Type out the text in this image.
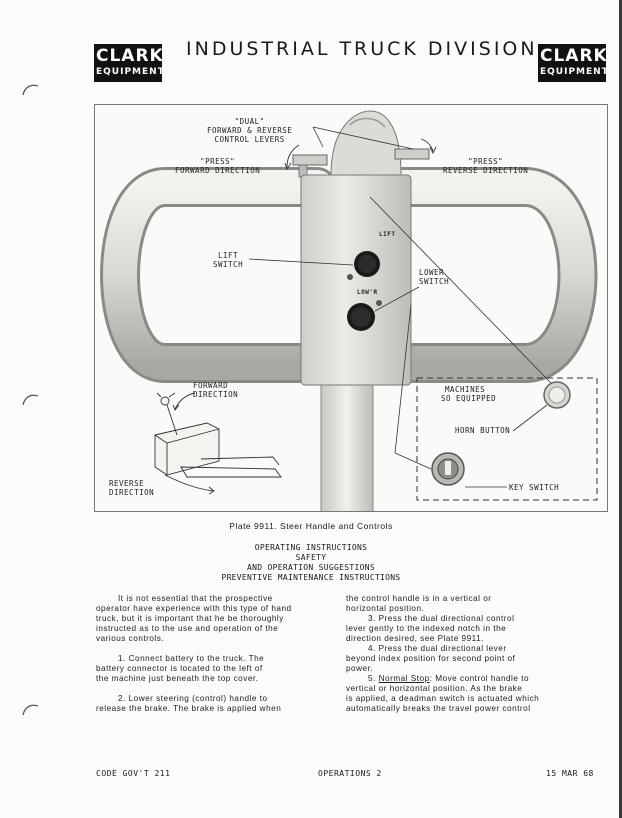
CLARK
EQUIPMENT
INDUSTRIAL TRUCK DIVISION CLARK
EQUIPMENT
"DUAL"
FORWARD & REVERSE
CONTROL LEVERS
"PRESS"
FORWARD DIRECTION
"PRESS"
REVERSE DIRECTION
LIFT
SWITCH
LIFT
LOW'R
LOWER
SWITCH
MACHINES
SO EQUIPPED
HORN BUTTON
KEY SWITCH
FORWARD
DIRECTION
REVERSE
DIRECTION
Plate 9911. Steer Handle and Controls
OPERATING INSTRUCTIONS
SAFETY
AND OPERATION SUGGESTIONS
PREVENTIVE MAINTENANCE INSTRUCTIONS

It is not essential that the prospective
operator have experience with this type of hand
truck, but it is important that he be thoroughly
instructed as to the use and operation of the
various controls.

1. Connect battery to the truck. The
battery connector is located to the left of
the machine just beneath the top cover.

2. Lower steering (control) handle to
release the brake. The brake is applied when

the control handle is in a vertical or
horizontal position.

3. Press the dual directional control
lever gently to the indexed notch in the
direction desired, see Plate 9911.

4. Press the dual directional lever
beyond index position for second point of
power.

5. Normal Stop: Move control handle to
vertical or horizontal position. As the brake
is applied, a deadman switch is actuated which
automatically breaks the travel power control

CODE GOV'T 211	OPERATIONS 2	15 MAR 68
